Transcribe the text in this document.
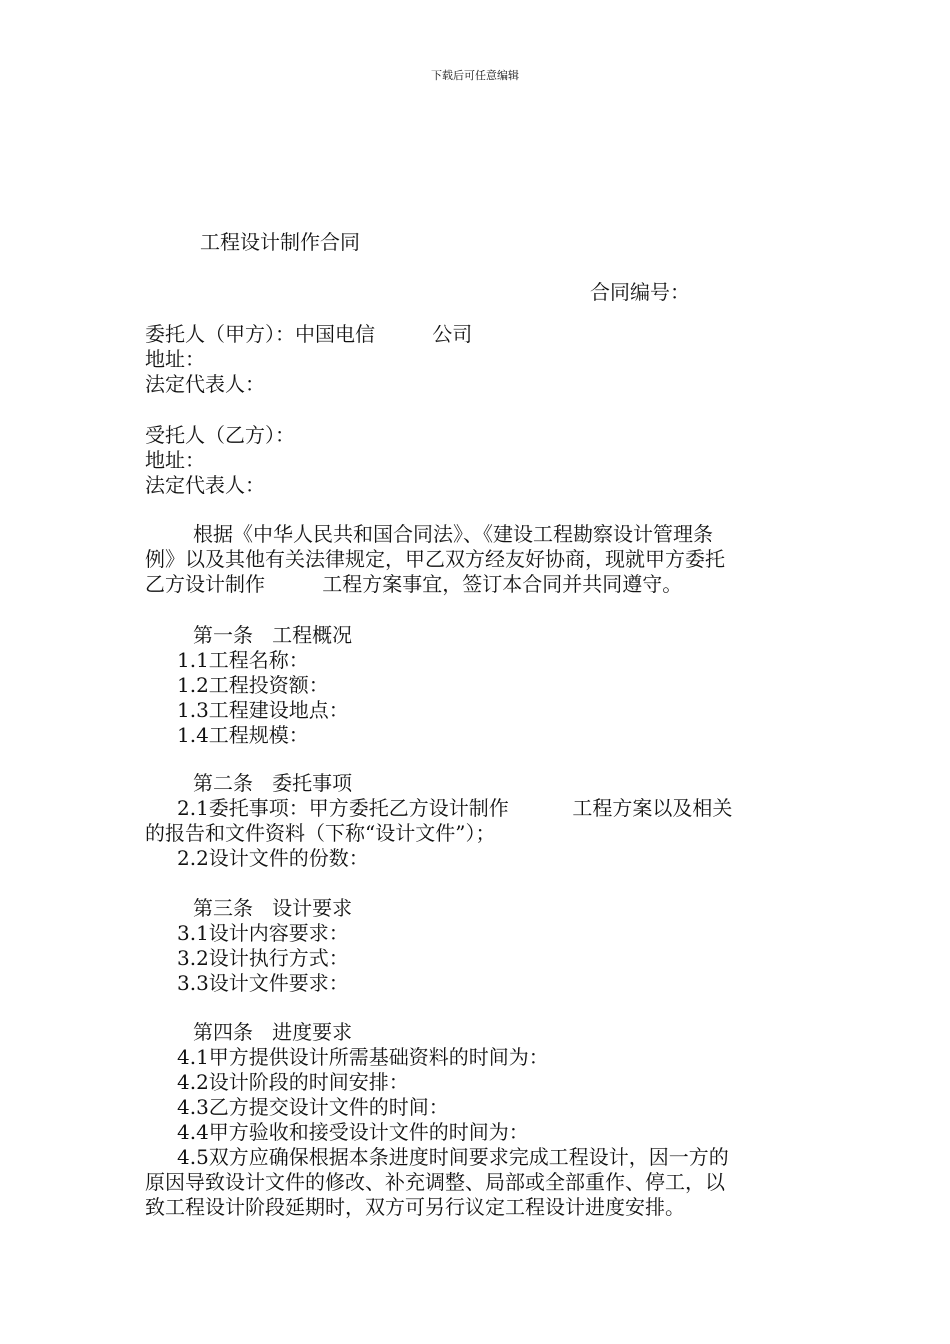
下载后可任意编辑
工程设计制作合同
合同编号：

委托人（甲方）：中国电信         公司

地址：

法定代表人：

受托人（乙方）：

地址：

法定代表人：

根据《中华人民共和国合同法》、《建设工程勘察设计管理条
例》以及其他有关法律规定，甲乙双方经友好协商，现就甲方委托
乙方设计制作         工程方案事宜，签订本合同并共同遵守。

第一条   工程概况

1.1工程名称：

1.2工程投资额：

1.3工程建设地点：

1.4工程规模：

第二条   委托事项

2.1委托事项：甲方委托乙方设计制作          工程方案以及相关

的报告和文件资料（下称“设计文件”）；

2.2设计文件的份数：

第三条   设计要求

3.1设计内容要求：

3.2设计执行方式：

3.3设计文件要求：

第四条   进度要求

4.1甲方提供设计所需基础资料的时间为：

4.2设计阶段的时间安排：

4.3乙方提交设计文件的时间：

4.4甲方验收和接受设计文件的时间为：

4.5双方应确保根据本条进度时间要求完成工程设计，因一方的

原因导致设计文件的修改、补充调整、局部或全部重作、停工，以

致工程设计阶段延期时，双方可另行议定工程设计进度安排。
